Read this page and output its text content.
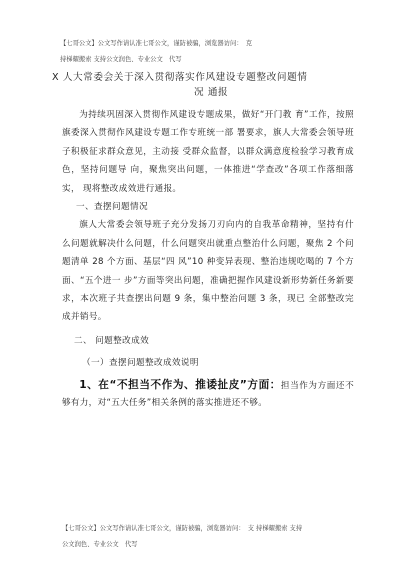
【七哥公文】公文写作请认准七哥公文，谨防被骗，浏览器访问：　克
持梯耀搬索 支持公文润色、专业公文　代写
X 人大常委会关于深入贯彻落实作风建设专题整改问题情
况 通报

为持续巩固深入贯彻作风建设专题成果，做好“开门教 育”工作，按照旗委深入贯彻作风建设专题工作专班统一部 署要求，旗人大常委会领导班子积极征求群众意见，主动接 受群众监督，以群众满意度检验学习教育成色，坚持问题导 向，聚焦突出问题，一体推进“学查改”各项工作落细落实， 现将整改成效进行通报。

一、查摆问题情况

旗人大常委会领导班子充分发扬刀刃向内的自我革命精神，坚持有什么问题就解决什么问题，什么问题突出就重点整治什么问题，聚焦 2 个问题清单 28 个方面、基层“四 风”10 种变异表现、整治违规吃喝的 7 个方面、“五个进一 步”方面等突出问题，准确把握作风建设新形势新任务新要 求，本次班子共查摆出问题 9 条，集中整治问题 3 条，现已 全部整改完成并销号。

二、 问题整改成效

（一）查摆问题整改成效说明

1、在“不担当不作为、推诿扯皮”方面：担当作为方面还不够有力，对“五大任务”相关条例的落实推进还不够。

【七哥公文】公文写作请认准七哥公文，谨防被骗，浏览器访问：　支 持梯耀搬索 支持
公文润色、专业公文　代写
